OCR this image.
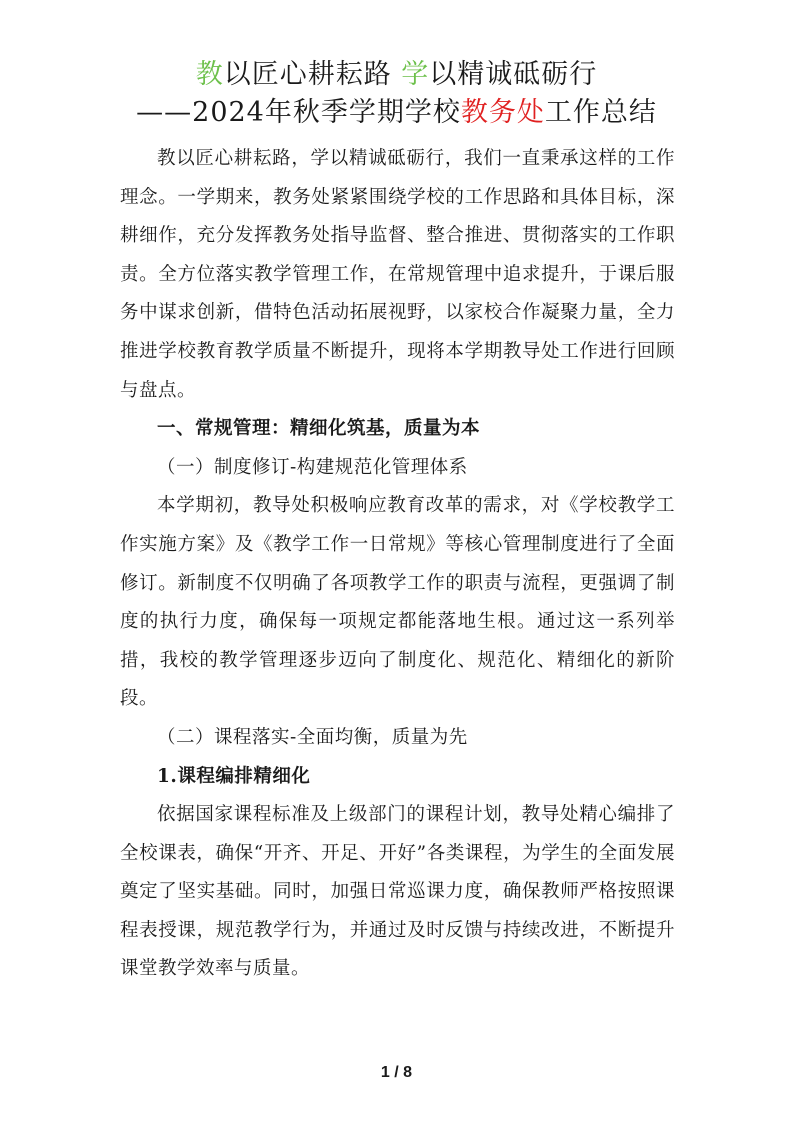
教以匠心耕耘路 学以精诚砥砺行
——2024年秋季学期学校教务处工作总结

教以匠心耕耘路，学以精诚砥砺行，我们一直秉承这样的工作理念。一学期来，教务处紧紧围绕学校的工作思路和具体目标，深耕细作，充分发挥教务处指导监督、整合推进、贯彻落实的工作职责。全方位落实教学管理工作，在常规管理中追求提升，于课后服务中谋求创新，借特色活动拓展视野，以家校合作凝聚力量，全力推进学校教育教学质量不断提升，现将本学期教导处工作进行回顾与盘点。

一、常规管理：精细化筑基，质量为本

（一）制度修订-构建规范化管理体系

本学期初，教导处积极响应教育改革的需求，对《学校教学工作实施方案》及《教学工作一日常规》等核心管理制度进行了全面修订。新制度不仅明确了各项教学工作的职责与流程，更强调了制度的执行力度，确保每一项规定都能落地生根。通过这一系列举措，我校的教学管理逐步迈向了制度化、规范化、精细化的新阶段。

（二）课程落实-全面均衡，质量为先

1.课程编排精细化

依据国家课程标准及上级部门的课程计划，教导处精心编排了全校课表，确保“开齐、开足、开好”各类课程，为学生的全面发展奠定了坚实基础。同时，加强日常巡课力度，确保教师严格按照课程表授课，规范教学行为，并通过及时反馈与持续改进，不断提升课堂教学效率与质量。

1 / 8
